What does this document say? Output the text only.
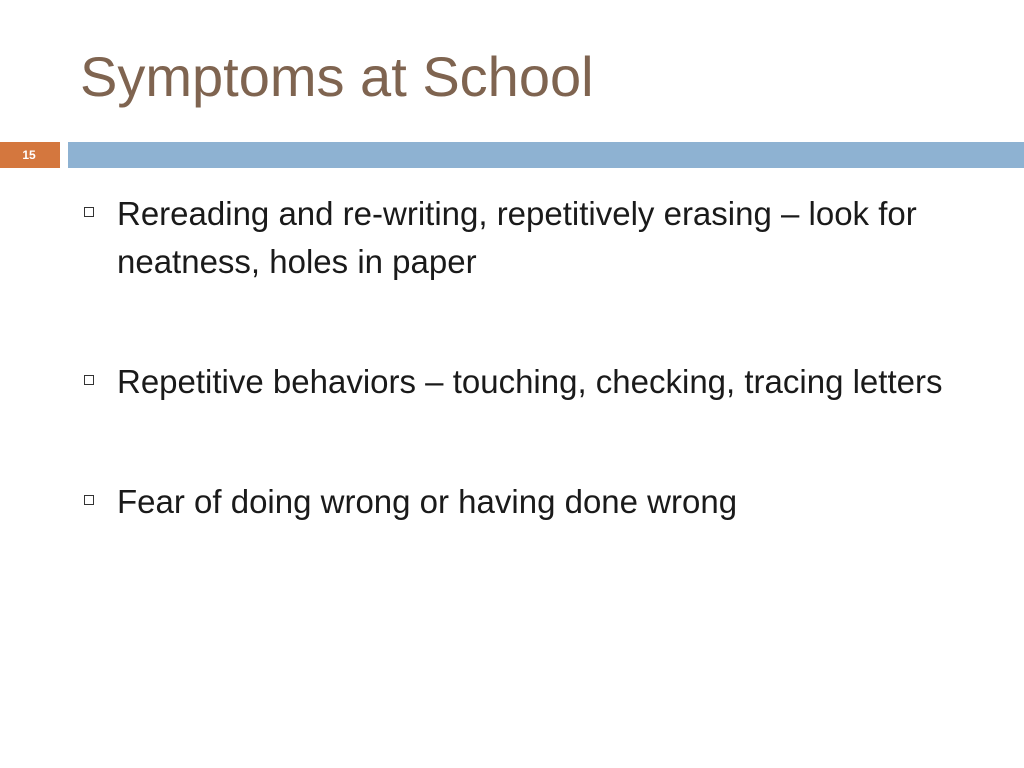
Symptoms at School
15
Rereading and re-writing, repetitively erasing – look for neatness, holes in paper
Repetitive behaviors – touching, checking, tracing letters
Fear of doing wrong or having done wrong
